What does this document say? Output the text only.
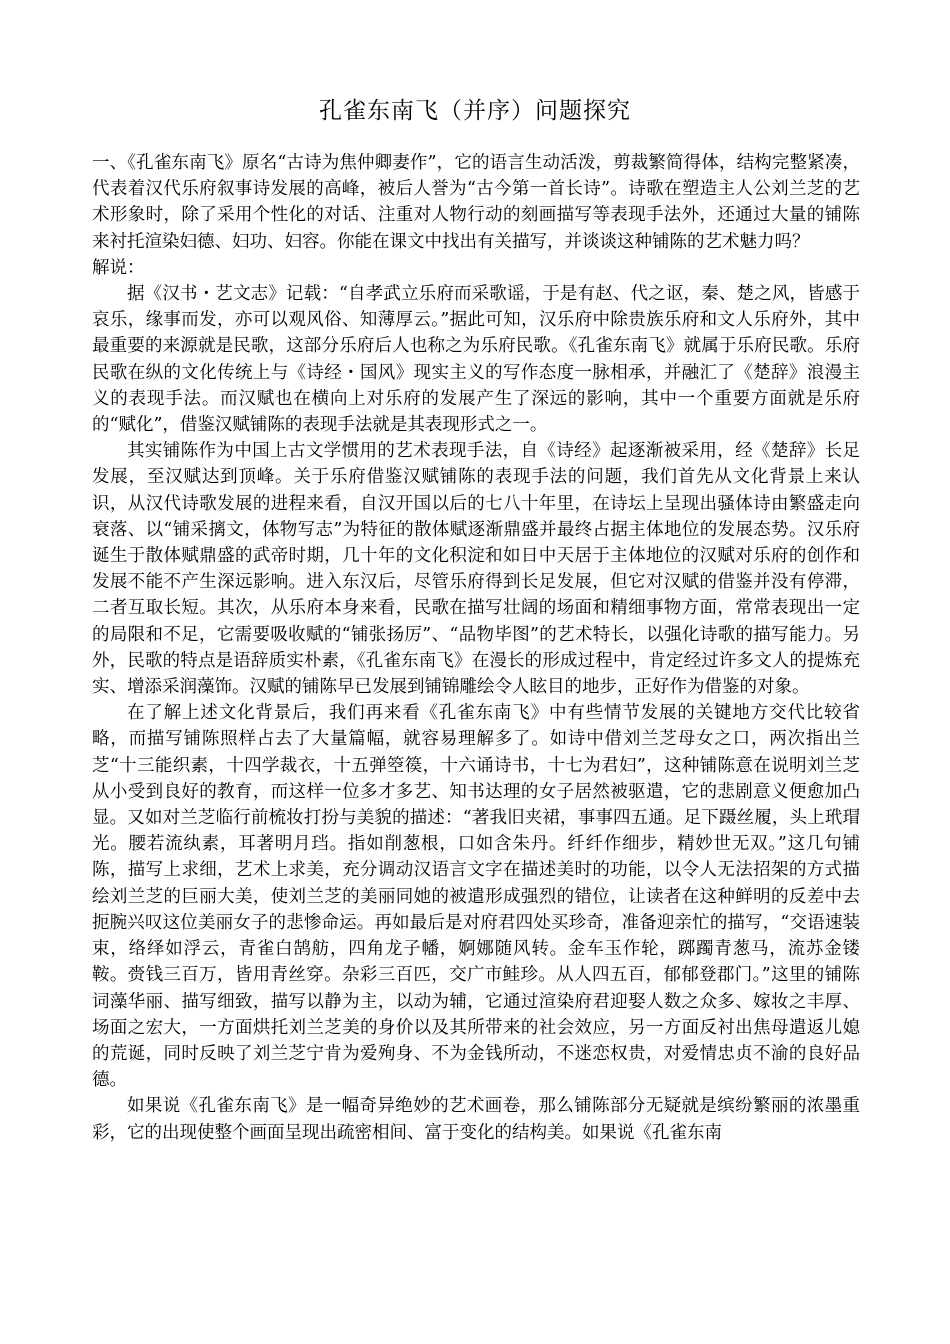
孔雀东南飞（并序）问题探究

一、《孔雀东南飞》原名“古诗为焦仲卿妻作”，它的语言生动活泼，剪裁繁简得体，结构完整紧凑，代表着汉代乐府叙事诗发展的高峰，被后人誉为“古今第一首长诗”。诗歌在塑造主人公刘兰芝的艺术形象时，除了采用个性化的对话、注重对人物行动的刻画描写等表现手法外，还通过大量的铺陈来衬托渲染妇德、妇功、妇容。你能在课文中找出有关描写，并谈谈这种铺陈的艺术魅力吗？

解说：

据《汉书・艺文志》记载：“自孝武立乐府而采歌谣，于是有赵、代之讴，秦、楚之风，皆感于哀乐，缘事而发，亦可以观风俗、知薄厚云。”据此可知，汉乐府中除贵族乐府和文人乐府外，其中最重要的来源就是民歌，这部分乐府后人也称之为乐府民歌。《孔雀东南飞》就属于乐府民歌。乐府民歌在纵的文化传统上与《诗经・国风》现实主义的写作态度一脉相承，并融汇了《楚辞》浪漫主义的表现手法。而汉赋也在横向上对乐府的发展产生了深远的影响，其中一个重要方面就是乐府的“赋化”，借鉴汉赋铺陈的表现手法就是其表现形式之一。

其实铺陈作为中国上古文学惯用的艺术表现手法，自《诗经》起逐渐被采用，经《楚辞》长足发展，至汉赋达到顶峰。关于乐府借鉴汉赋铺陈的表现手法的问题，我们首先从文化背景上来认识，从汉代诗歌发展的进程来看，自汉开国以后的七八十年里，在诗坛上呈现出骚体诗由繁盛走向衰落、以“铺采摛文，体物写志”为特征的散体赋逐渐鼎盛并最终占据主体地位的发展态势。汉乐府诞生于散体赋鼎盛的武帝时期，几十年的文化积淀和如日中天居于主体地位的汉赋对乐府的创作和发展不能不产生深远影响。进入东汉后，尽管乐府得到长足发展，但它对汉赋的借鉴并没有停滞，二者互取长短。其次，从乐府本身来看，民歌在描写壮阔的场面和精细事物方面，常常表现出一定的局限和不足，它需要吸收赋的“铺张扬厉”、“品物毕图”的艺术特长，以强化诗歌的描写能力。另外，民歌的特点是语辞质实朴素，《孔雀东南飞》在漫长的形成过程中，肯定经过许多文人的提炼充实、增添采润藻饰。汉赋的铺陈早已发展到铺锦雕绘令人眩目的地步，正好作为借鉴的对象。

在了解上述文化背景后，我们再来看《孔雀东南飞》中有些情节发展的关键地方交代比较省略，而描写铺陈照样占去了大量篇幅，就容易理解多了。如诗中借刘兰芝母女之口，两次指出兰芝“十三能织素，十四学裁衣，十五弹箜篌，十六诵诗书，十七为君妇”，这种铺陈意在说明刘兰芝从小受到良好的教育，而这样一位多才多艺、知书达理的女子居然被驱遣，它的悲剧意义便愈加凸显。又如对兰芝临行前梳妆打扮与美貌的描述：“著我旧夹裙，事事四五通。足下蹑丝履，头上玳瑁光。腰若流纨素，耳著明月珰。指如削葱根，口如含朱丹。纤纤作细步，精妙世无双。”这几句铺陈，描写上求细，艺术上求美，充分调动汉语言文字在描述美时的功能，以令人无法招架的方式描绘刘兰芝的巨丽大美，使刘兰芝的美丽同她的被遣形成强烈的错位，让读者在这种鲜明的反差中去扼腕兴叹这位美丽女子的悲惨命运。再如最后是对府君四处买珍奇，准备迎亲忙的描写，“交语速装束，络绎如浮云，青雀白鹄舫，四角龙子幡，婀娜随风转。金车玉作轮，踯躅青葱马，流苏金镂鞍。赍钱三百万，皆用青丝穿。杂彩三百匹，交广市鲑珍。从人四五百，郁郁登郡门。”这里的铺陈词藻华丽、描写细致，描写以静为主，以动为辅，它通过渲染府君迎娶人数之众多、嫁妆之丰厚、场面之宏大，一方面烘托刘兰芝美的身价以及其所带来的社会效应，另一方面反衬出焦母遣返儿媳的荒诞，同时反映了刘兰芝宁肯为爱殉身、不为金钱所动，不迷恋权贵，对爱情忠贞不渝的良好品德。

如果说《孔雀东南飞》是一幅奇异绝妙的艺术画卷，那么铺陈部分无疑就是缤纷繁丽的浓墨重彩，它的出现使整个画面呈现出疏密相间、富于变化的结构美。如果说《孔雀东南
